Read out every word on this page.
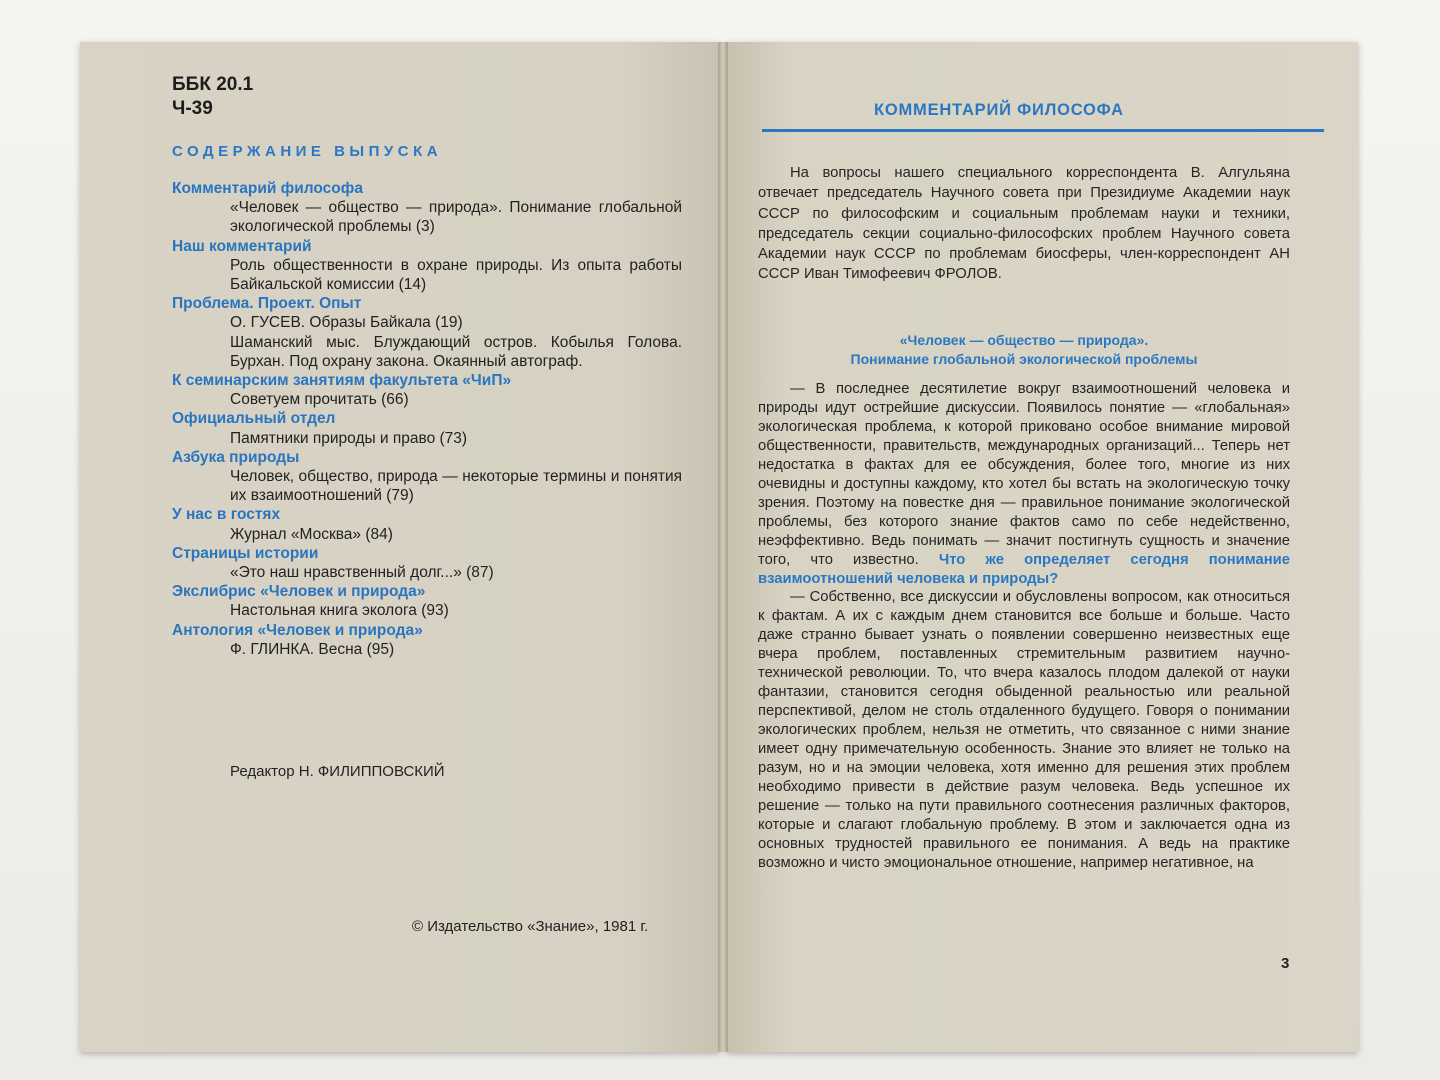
ББК 20.1
Ч-39
СОДЕРЖАНИЕ ВЫПУСКА
Комментарий философа
«Человек — общество — природа». Понимание глобальной экологической проблемы (3)
Наш комментарий
Роль общественности в охране природы. Из опыта работы Байкальской комиссии (14)
Проблема. Проект. Опыт
О. ГУСЕВ. Образы Байкала (19)
Шаманский мыс. Блуждающий остров. Кобылья Голова. Бурхан. Под охрану закона. Окаянный автограф.
К семинарским занятиям факультета «ЧиП»
Советуем прочитать (66)
Официальный отдел
Памятники природы и право (73)
Азбука природы
Человек, общество, природа — некоторые термины и понятия их взаимоотношений (79)
У нас в гостях
Журнал «Москва» (84)
Страницы истории
«Это наш нравственный долг...» (87)
Экслибрис «Человек и природа»
Настольная книга эколога (93)
Антология «Человек и природа»
Ф. ГЛИНКА. Весна (95)
Редактор Н. ФИЛИППОВСКИЙ
© Издательство «Знание», 1981 г.
КОММЕНТАРИЙ ФИЛОСОФА
На вопросы нашего специального корреспондента В. Алгульяна отвечает председатель Научного совета при Президиуме Академии наук СССР по философским и социальным проблемам науки и техники, председатель секции социально-философских проблем Научного совета Академии наук СССР по проблемам биосферы, член-корреспондент АН СССР Иван Тимофеевич ФРОЛОВ.
«Человек — общество — природа».
Понимание глобальной экологической проблемы

— В последнее десятилетие вокруг взаимоотношений человека и природы идут острейшие дискуссии. Появилось понятие — «глобальная» экологическая проблема, к которой приковано особое внимание мировой общественности, правительств, международных организаций... Теперь нет недостатка в фактах для ее обсуждения, более того, многие из них очевидны и доступны каждому, кто хотел бы встать на экологическую точку зрения. Поэтому на повестке дня — правильное понимание экологической проблемы, без которого знание фактов само по себе недейственно, неэффективно. Ведь понимать — значит постигнуть сущность и значение того, что известно. Что же определяет сегодня понимание взаимоотношений человека и природы?

— Собственно, все дискуссии и обусловлены вопросом, как относиться к фактам. А их с каждым днем становится все больше и больше. Часто даже странно бывает узнать о появлении совершенно неизвестных еще вчера проблем, поставленных стремительным развитием научно-технической революции. То, что вчера казалось плодом далекой от науки фантазии, становится сегодня обыденной реальностью или реальной перспективой, делом не столь отдаленного будущего. Говоря о понимании экологических проблем, нельзя не отметить, что связанное с ними знание имеет одну примечательную особенность. Знание это влияет не только на разум, но и на эмоции человека, хотя именно для решения этих проблем необходимо привести в действие разум человека. Ведь успешное их решение — только на пути правильного соотнесения различных факторов, которые и слагают глобальную проблему. В этом и заключается одна из основных трудностей правильного ее понимания. А ведь на практике возможно и чисто эмоциональное отношение, например негативное, на

3
